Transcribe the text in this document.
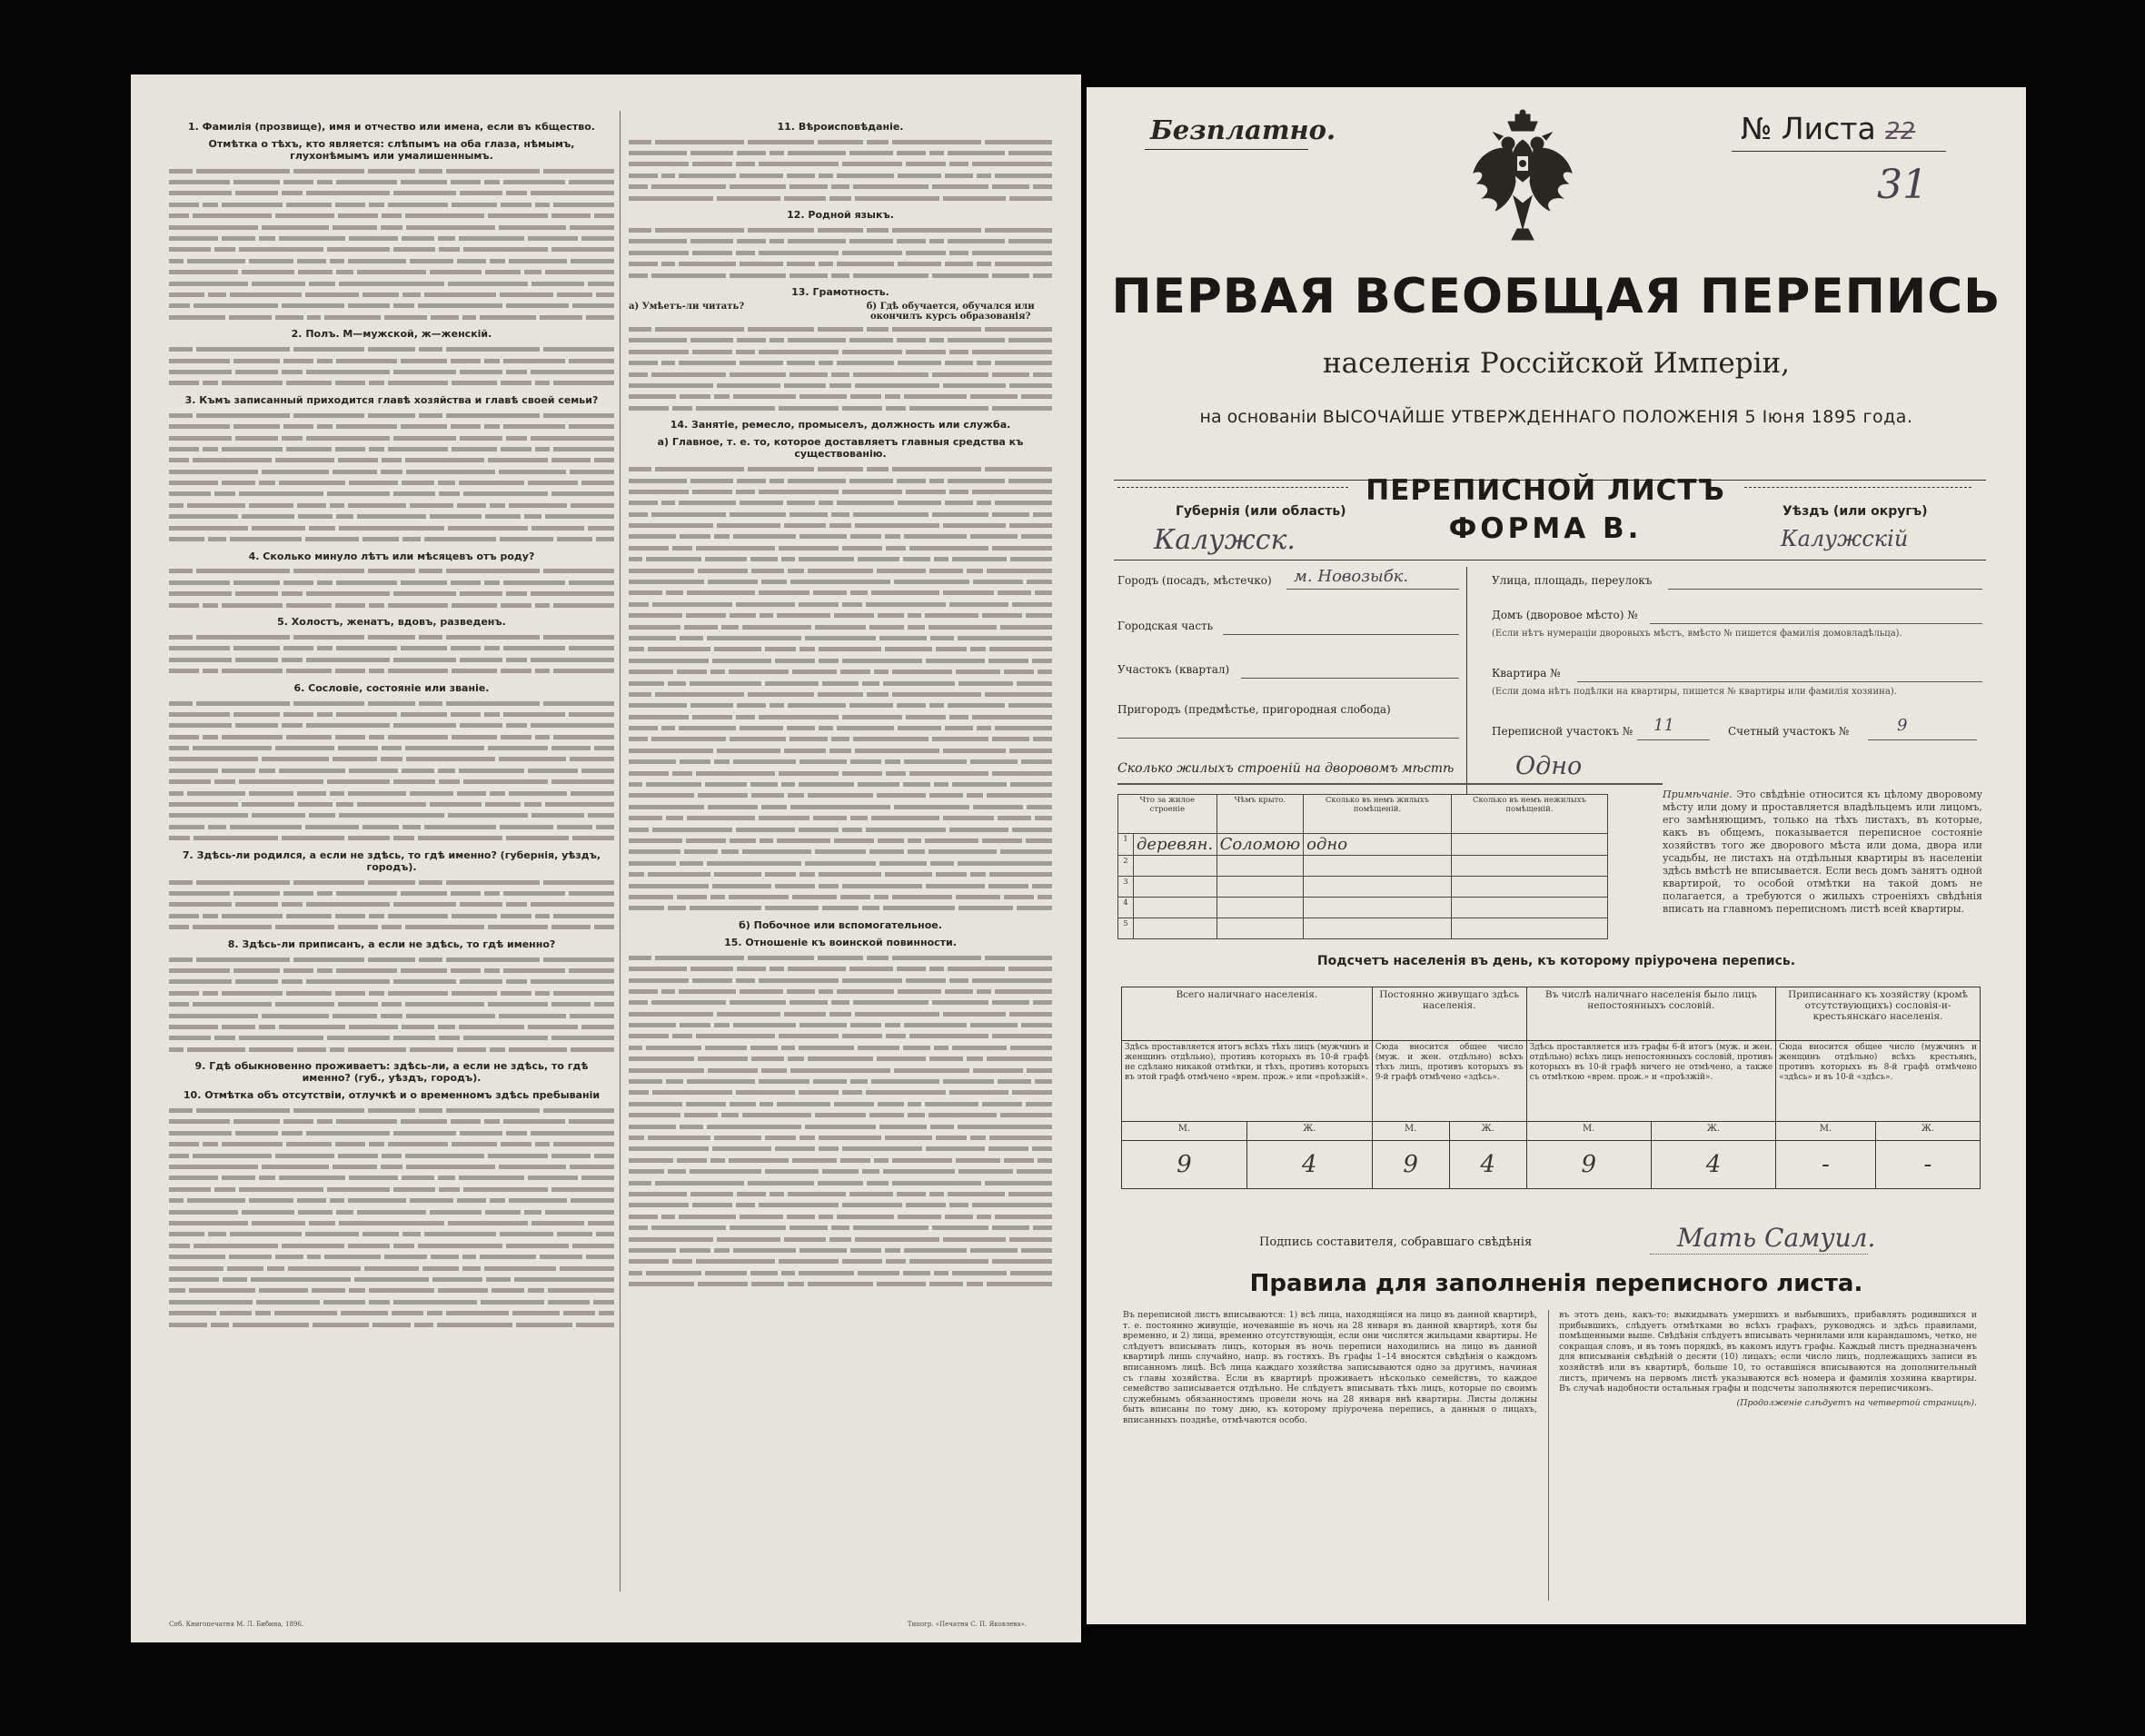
1. Фамилія (прозвище), имя и отчество или имена, если въ кбщество.
Отмѣтка о тѣхъ, кто является: слѣпымъ на оба глаза, нѣмымъ, глухонѣмымъ или умалишеннымъ.
2. Полъ. М—мужской, ж—женскій.
3. Къмъ записанный приходится главѣ хозяйства и главѣ своей семьи?
4. Сколько минуло лѣтъ или мѣсяцевъ отъ роду?
5. Холостъ, женатъ, вдовъ, разведенъ.
6. Сословіе, состояніе или званіе.
7. Здѣсь-ли родился, а если не здѣсь, то гдѣ именно? (губернія, уѣздъ, городъ).
8. Здѣсь-ли приписанъ, а если не здѣсь, то гдѣ именно?
9. Гдѣ обыкновенно проживаетъ: здѣсь-ли, а если не здѣсь, то гдѣ именно? (губ., уѣздъ, городъ).
10. Отмѣтка объ отсутствіи, отлучкѣ и о временномъ здѣсь пребываніи
11. Вѣроисповѣданіе.
12. Родной языкъ.
13. Грамотность.
а) Умѣетъ-ли читать?	б) Гдѣ обучается, обучался или окончилъ курсъ образованія?
14. Занятіе, ремесло, промыселъ, должность или служба.
а) Главное, т. е. то, которое доставляетъ главныя средства къ существованію.
б) Побочное или вспомогательное.
15. Отношеніе къ воинской повинности.
Спб. Книгопечатня М. Л. Бибина, 1896.	Типогр. «Печатня С. П. Яковлева».
Безплатно.	№ Листа 22
31
ПЕРВАЯ ВСЕОБЩАЯ ПЕРЕПИСЬ
населенія Россійской Имперіи,
на основаніи ВЫСОЧАЙШЕ УТВЕРЖДЕННАГО ПОЛОЖЕНІЯ 5 Іюня 1895 года.
Губернія (или область)
Калужск.
ПЕРЕПИСНОЙ ЛИСТЪ
ФОРМА В.
Уѣздъ (или округъ)
Калужскій
Городъ (посадъ, мѣстечко) м. Новозыбк.
Городская часть
Участокъ (квартал)
Пригородъ (предмѣстье, пригородная слобода)
Улица, площадь, переулокъ
Домъ (дворовое мѣсто) №
(Если нѣтъ нумераціи дворовыхъ мѣстъ, вмѣсто № пишется фамилія домовладѣльца).
Квартира №
(Если дома нѣтъ подѣлки на квартиры, пишется № квартиры или фамилія хозяина).
Переписной участокъ № 11	Счетный участокъ №	9
Сколько жилыхъ строеній на дворовомъ мѣстѣ	Одно
Что за жилое строеніе		Чѣмъ крыто.	Сколько въ немъ жилыхъ помѣщеній.	Сколько въ немъ нежилыхъ помѣщеній.
1	деревян.	Соломою	одно	
2				
3				
4				
5				
Примѣчаніе. Это свѣдѣніе относится къ цѣлому дворовому мѣсту или дому и проставляется владѣльцемъ или лицомъ, его замѣняющимъ, только на тѣхъ листахъ, въ которые, какъ въ общемъ, показывается переписное состояніе хозяйствъ того же дворового мѣста или дома, двора или усадьбы, не листахъ на отдѣльныя квартиры въ населеніи здѣсь вмѣстѣ не вписывается. Если весь домъ занятъ одной квартирой, то особой отмѣтки на такой домъ не полагается, а требуются о жилыхъ строеніяхъ свѣдѣнія вписать на главномъ переписномъ листѣ всей квартиры.
Подсчетъ населенія въ день, къ которому пріурочена перепись.
Всего наличнаго населенія.		Постоянно живущаго здѣсь населенія.		Въ числѣ наличнаго населенія было лицъ непостоянныхъ сословій.		Приписаннаго къ хозяйству (кромѣ отсутствующихъ) сословія-и-крестьянскаго населенія.	
Здѣсь проставляется итогъ всѣхъ тѣхъ лицъ (мужчинъ и женщинъ отдѣльно), противъ которыхъ въ 10-й графѣ не сдѣлано никакой отмѣтки, и тѣхъ, противъ которыхъ въ этой графѣ отмѣчено «врем. прож.» или «проѣзжій».		Сюда вносится общее число (муж. и жен. отдѣльно) всѣхъ тѣхъ лицъ, противъ которыхъ въ 9-й графѣ отмѣчено «здѣсь».		Здѣсь проставляется изъ графы 6-й итогъ (муж. и жен. отдѣльно) всѣхъ лицъ непостоянныхъ сословій, противъ которыхъ въ 10-й графѣ ничего не отмѣчено, а также съ отмѣткою «врем. прож.» и «проѣзжій».		Сюда вносится общее число (мужчинъ и женщинъ отдѣльно) всѣхъ крестьянъ, противъ которыхъ въ 8-й графѣ отмѣчено «здѣсь» и въ 10-й «здѣсь».	
М.	Ж.	М.	Ж.	М.	Ж.	М.	Ж.
9	4	9	4	9	4	-	-
Подпись составителя, собравшаго свѣдѣнія	Мать Самуил.
Правила для заполненія переписного листа.
Въ переписной листъ вписываются: 1) всѣ лица, находящіяся на лицо въ данной квартирѣ, т. е. постоянно живущіе, ночевавшіе въ ночь на 28 января въ данной квартирѣ, хотя бы временно, и 2) лица, временно отсутствующія, если они числятся жильцами квартиры. Не слѣдуетъ вписывать лицъ, которыя въ ночь переписи находились на лицо въ данной квартирѣ лишь случайно, напр. въ гостяхъ. Въ графы 1–14 вносятся свѣдѣнія о каждомъ вписанномъ лицѣ. Всѣ лица каждаго хозяйства записываются одно за другимъ, начиная съ главы хозяйства. Если въ квартирѣ проживаетъ нѣсколько семействъ, то каждое семейство записывается отдѣльно. Не слѣдуетъ вписывать тѣхъ лицъ, которые по своимъ служебнымъ обязанностямъ провели ночь на 28 января внѣ квартиры. Листы должны быть вписаны по тому дню, къ которому пріурочена перепись, а данныя о лицахъ, вписанныхъ позднѣе, отмѣчаются особо.
въ этотъ день, какъ-то: выкидывать умершихъ и выбывшихъ, прибавлять родившихся и прибывшихъ, слѣдуетъ отмѣтками во всѣхъ графахъ, руководясь и здѣсь правилами, помѣщенными выше. Свѣдѣнія слѣдуетъ вписывать чернилами или карандашомъ, четко, не сокращая словъ, и въ томъ порядкѣ, въ какомъ идутъ графы. Каждый листъ предназначенъ для вписыванія свѣдѣній о десяти (10) лицахъ; если число лицъ, подлежащихъ записи въ хозяйствѣ или въ квартирѣ, больше 10, то оставшіяся вписываются на дополнительный листъ, причемъ на первомъ листѣ указываются всѣ номера и фамилія хозяина квартиры. Въ случаѣ надобности остальныя графы и подсчеты заполняются переписчикомъ.
(Продолженіе слѣдуетъ на четвертой страницѣ).
